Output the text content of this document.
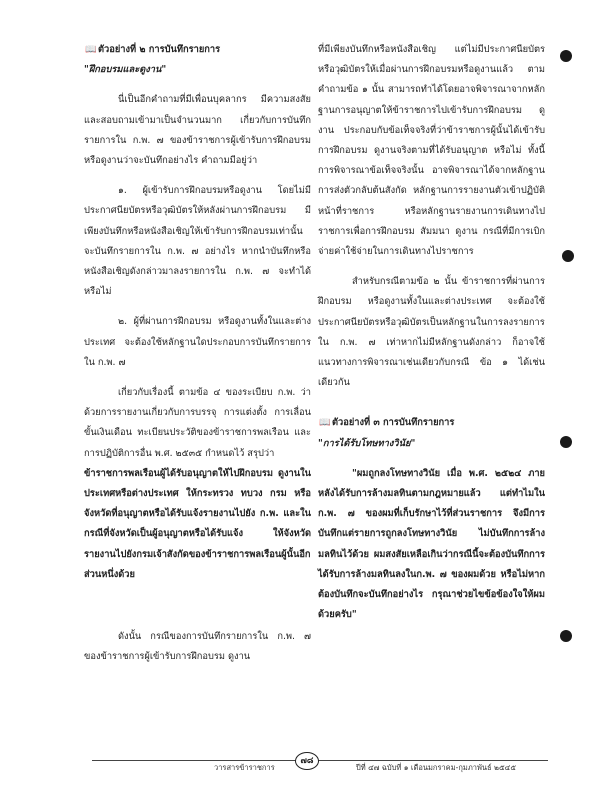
📖ตัวอย่างที่ ๒ การบันทึกรายการ

"ฝึกอบรมและดูงาน"

นี่เป็นอีกคำถามที่มีเพื่อนบุคลากร มีความสงสัยและสอบถามเข้ามาเป็นจำนวนมาก เกี่ยวกับการบันทึกรายการใน ก.พ. ๗ ของข้าราชการผู้เข้ารับการฝึกอบรม หรือดูงานว่าจะบันทึกอย่างไร คำถามมีอยู่ว่า

๑. ผู้เข้ารับการฝึกอบรมหรือดูงาน โดยไม่มีประกาศนียบัตรหรือวุฒิบัตรให้หลังผ่านการฝึกอบรม มีเพียงบันทึกหรือหนังสือเชิญให้เข้ารับการฝึกอบรมเท่านั้น จะบันทึกรายการใน ก.พ. ๗ อย่างไร หากนำบันทึกหรือหนังสือเชิญดังกล่าวมาลงรายการใน ก.พ. ๗ จะทำได้ หรือไม่

๒. ผู้ที่ผ่านการฝึกอบรม หรือดูงานทั้งในและต่างประเทศ จะต้องใช้หลักฐานใดประกอบการบันทึกรายการใน ก.พ. ๗

เกี่ยวกับเรื่องนี้ ตามข้อ ๔ ของระเบียบ ก.พ. ว่าด้วยการรายงานเกี่ยวกับการบรรจุ การแต่งตั้ง การเลื่อนขั้นเงินเดือน ทะเบียนประวัติของข้าราชการพลเรือน และการปฏิบัติการอื่น พ.ศ. ๒๕๓๕ กำหนดไว้ สรุปว่า

ข้าราชการพลเรือนผู้ได้รับอนุญาตให้ไปฝึกอบรม ดูงานในประเทศหรือต่างประเทศ ให้กระทรวง ทบวง กรม หรือจังหวัดที่อนุญาตหรือได้รับแจ้งรายงานไปยัง ก.พ. และในกรณีที่จังหวัดเป็นผู้อนุญาตหรือได้รับแจ้ง ให้จังหวัดรายงานไปยังกรมเจ้าสังกัดของข้าราชการพลเรือนผู้นั้นอีกส่วนหนึ่งด้วย

ดังนั้น กรณีของการบันทึกรายการใน ก.พ. ๗ ของข้าราชการผู้เข้ารับการฝึกอบรม ดูงาน

ที่มีเพียงบันทึกหรือหนังสือเชิญ แต่ไม่มีประกาศนียบัตรหรือวุฒิบัตรให้เมื่อผ่านการฝึกอบรมหรือดูงานแล้ว ตามคำถามข้อ ๑ นั้น สามารถทำได้โดยอาจพิจารณาจากหลักฐานการอนุญาตให้ข้าราชการไปเข้ารับการฝึกอบรม ดูงาน ประกอบกับข้อเท็จจริงที่ว่าข้าราชการผู้นั้นได้เข้ารับการฝึกอบรม ดูงานจริงตามที่ได้รับอนุญาต หรือไม่ ทั้งนี้ การพิจารณาข้อเท็จจริงนั้น อาจพิจารณาได้จากหลักฐานการส่งตัวกลับต้นสังกัด หลักฐานการรายงานตัวเข้าปฏิบัติหน้าที่ราชการ หรือหลักฐานรายงานการเดินทางไปราชการเพื่อการฝึกอบรม สัมมนา ดูงาน กรณีที่มีการเบิกจ่ายค่าใช้จ่ายในการเดินทางไปราชการ

สำหรับกรณีตามข้อ ๒ นั้น ข้าราชการที่ผ่านการฝึกอบรม หรือดูงานทั้งในและต่างประเทศ จะต้องใช้ประกาศนียบัตรหรือวุฒิบัตรเป็นหลักฐานในการลงรายการใน ก.พ. ๗ เท่าหากไม่มีหลักฐานดังกล่าว ก็อาจใช้แนวทางการพิจารณาเช่นเดียวกับกรณี ข้อ ๑ ได้เช่นเดียวกัน

📖ตัวอย่างที่ ๓ การบันทึกรายการ

"การได้รับโทษทางวินัย"

"ผมถูกลงโทษทางวินัย เมื่อ พ.ศ. ๒๕๒๔ ภายหลังได้รับการล้างมลทินตามกฎหมายแล้ว แต่ทำไมใน ก.พ. ๗ ของผมที่เก็บรักษาไว้ที่ส่วนราชการ จึงมีการบันทึกแต่รายการถูกลงโทษทางวินัย ไม่บันทึกการล้างมลทินไว้ด้วย ผมสงสัยเหลือเกินว่ากรณีนี้จะต้องบันทึกการได้รับการล้างมลทินลงในก.พ. ๗ ของผมด้วย หรือไม่หากต้องบันทึกจะบันทึกอย่างไร กรุณาช่วยไขข้อข้องใจให้ผมด้วยครับ"

วารสารข้าราชการ
๗๘
ปีที่ ๔๗ ฉบับที่ ๑ เดือนมกราคม-กุมภาพันธ์ ๒๕๔๕
